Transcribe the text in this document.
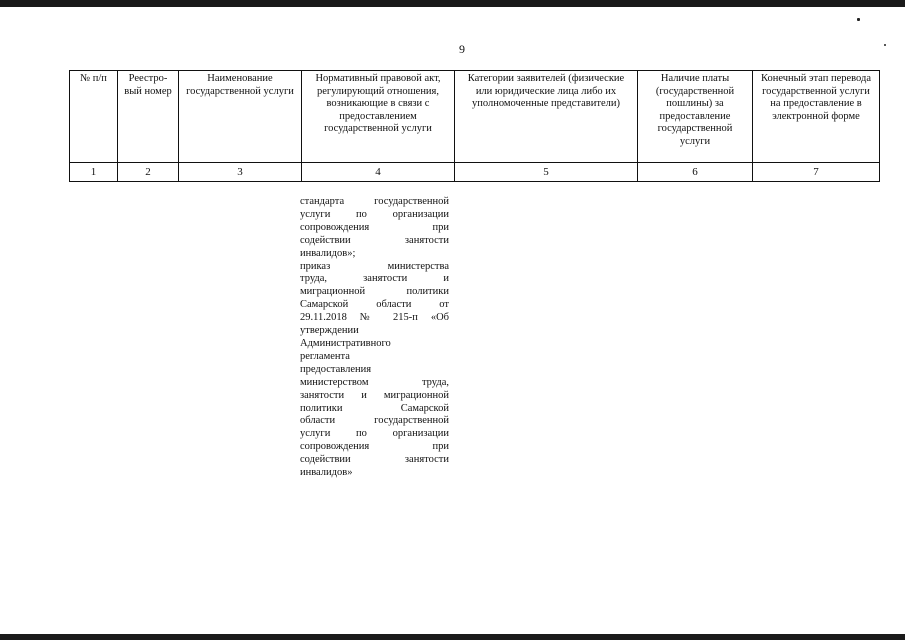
9
№ п/п	Реестро-вый номер	Наименование государственной услуги	Нормативный правовой акт, регулирующий отношения, возникающие в связи с предоставлением государственной услуги	Категории заявителей (физические или юридические лица либо их уполномоченные представители)	Наличие платы (государственной пошлины) за предоставление государственной услуги	Конечный этап перевода государственной услуги на предоставление в электронной форме
1	2	3	4	5	6	7
стандарта государственной
услуги по организации
сопровождения при
содействии занятости
инвалидов»;
приказ министерства
труда, занятости и
миграционной политики
Самарской области от
29.11.2018 № 215-п «Об
утверждении
Административного
регламента
предоставления
министерством труда,
занятости и миграционной
политики Самарской
области государственной
услуги по организации
сопровождения при
содействии занятости
инвалидов»
